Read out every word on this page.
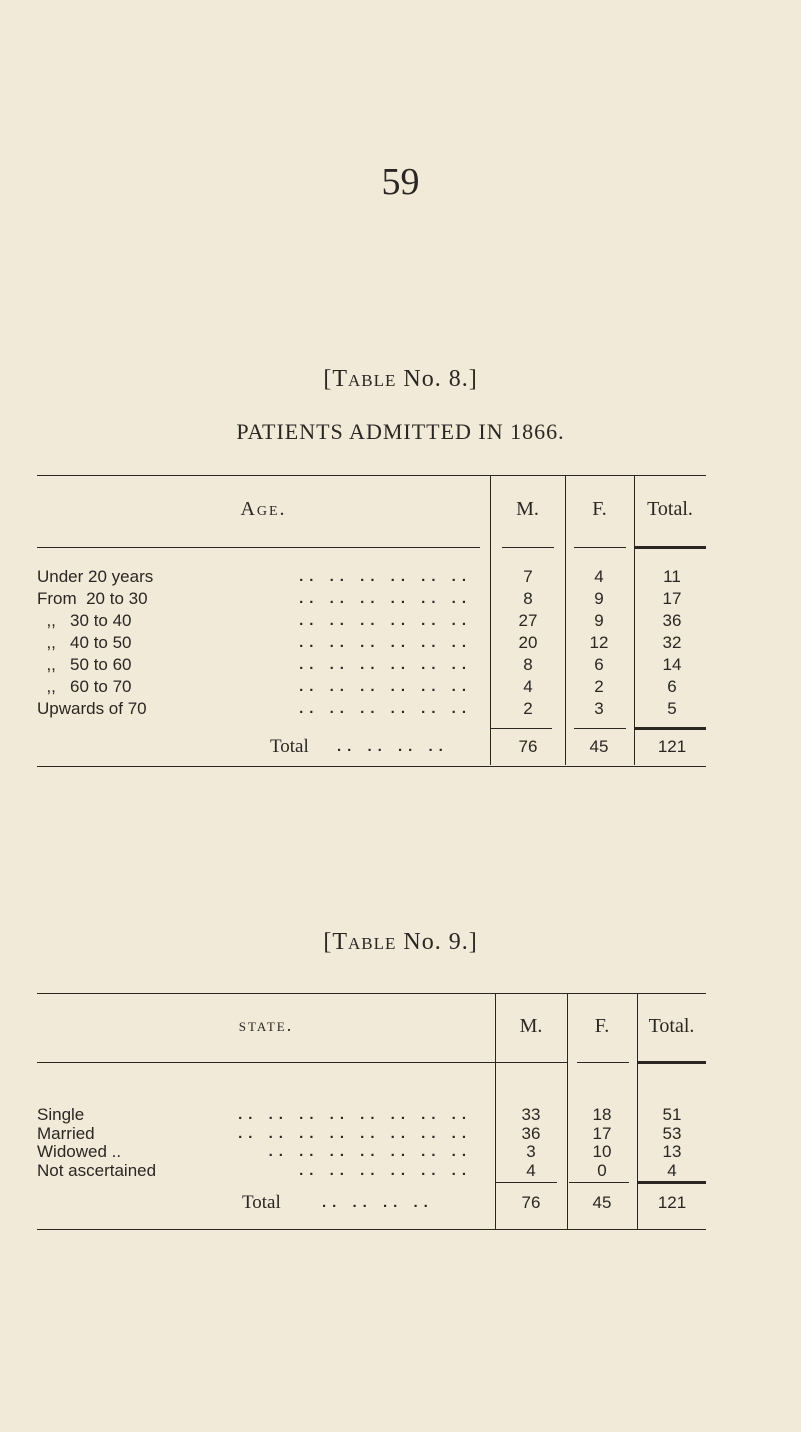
59
[Table No. 8.]
PATIENTS ADMITTED IN 1866.
Age.	M.	F.	Total.
Under 20 years	.. .. .. .. .. ..	7	4	11
From  20 to 30	.. .. .. .. .. ..	8	9	17
,,   30 to 40	.. .. .. .. .. ..	27	9	36
,,   40 to 50	.. .. .. .. .. ..	20	12	32
,,   50 to 60	.. .. .. .. .. ..	8	6	14
,,   60 to 70	.. .. .. .. .. ..	4	2	6
Upwards of 70	.. .. .. .. .. ..	2	3	5
Total .. .. .. ..	76	45	121
[Table No. 9.]
state.	M.	F.	Total.
Single	.. .. .. .. .. .. .. ..	33	18	51
Married	.. .. .. .. .. .. .. ..	36	17	53
Widowed ..	.. .. .. .. .. .. ..	3	10	13
Not ascertained	.. .. .. .. .. ..	4	0	4
Total	.. .. .. ..	76	45	121
